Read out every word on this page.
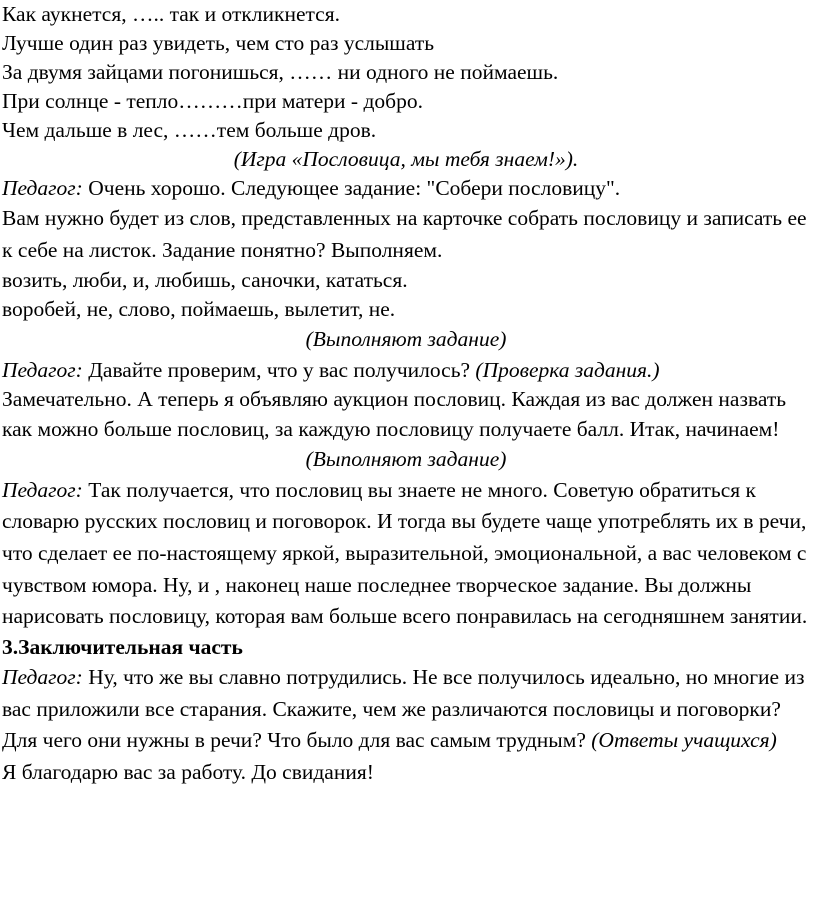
Как аукнется, ….. так и откликнется.

Лучше один раз увидеть, чем сто раз услышать

За двумя зайцами погонишься, …… ни одного не поймаешь.

При солнце - тепло………при матери - добро.

Чем дальше в лес, ……тем больше дров.

(Игра «Пословица, мы тебя знаем!»).

Педагог: Очень хорошо. Следующее задание: "Собери пословицу".

Вам нужно будет из слов, представленных на карточке собрать пословицу и записать ее к себе на листок. Задание понятно? Выполняем.

возить, люби, и, любишь, саночки, кататься.

воробей, не, слово, поймаешь, вылетит, не.

(Выполняют задание)

Педагог: Давайте проверим, что у вас получилось? (Проверка задания.)

Замечательно. А теперь я объявляю аукцион пословиц. Каждая из вас должен назвать как можно больше пословиц, за каждую пословицу получаете балл. Итак, начинаем!

(Выполняют задание)

Педагог: Так получается, что пословиц вы знаете не много. Советую обратиться к словарю русских пословиц и поговорок. И тогда вы будете чаще употреблять их в речи, что сделает ее по-настоящему яркой, выразительной, эмоциональной, а вас человеком с чувством юмора. Ну, и , наконец наше последнее творческое задание. Вы должны нарисовать пословицу, которая вам больше всего понравилась на сегодняшнем занятии.

3.Заключительная часть

Педагог: Ну, что же вы славно потрудились. Не все получилось идеально, но многие из вас приложили все старания. Скажите, чем же различаются пословицы и поговорки? Для чего они нужны в речи? Что было для вас самым трудным? (Ответы учащихся)

Я благодарю вас за работу. До свидания!
